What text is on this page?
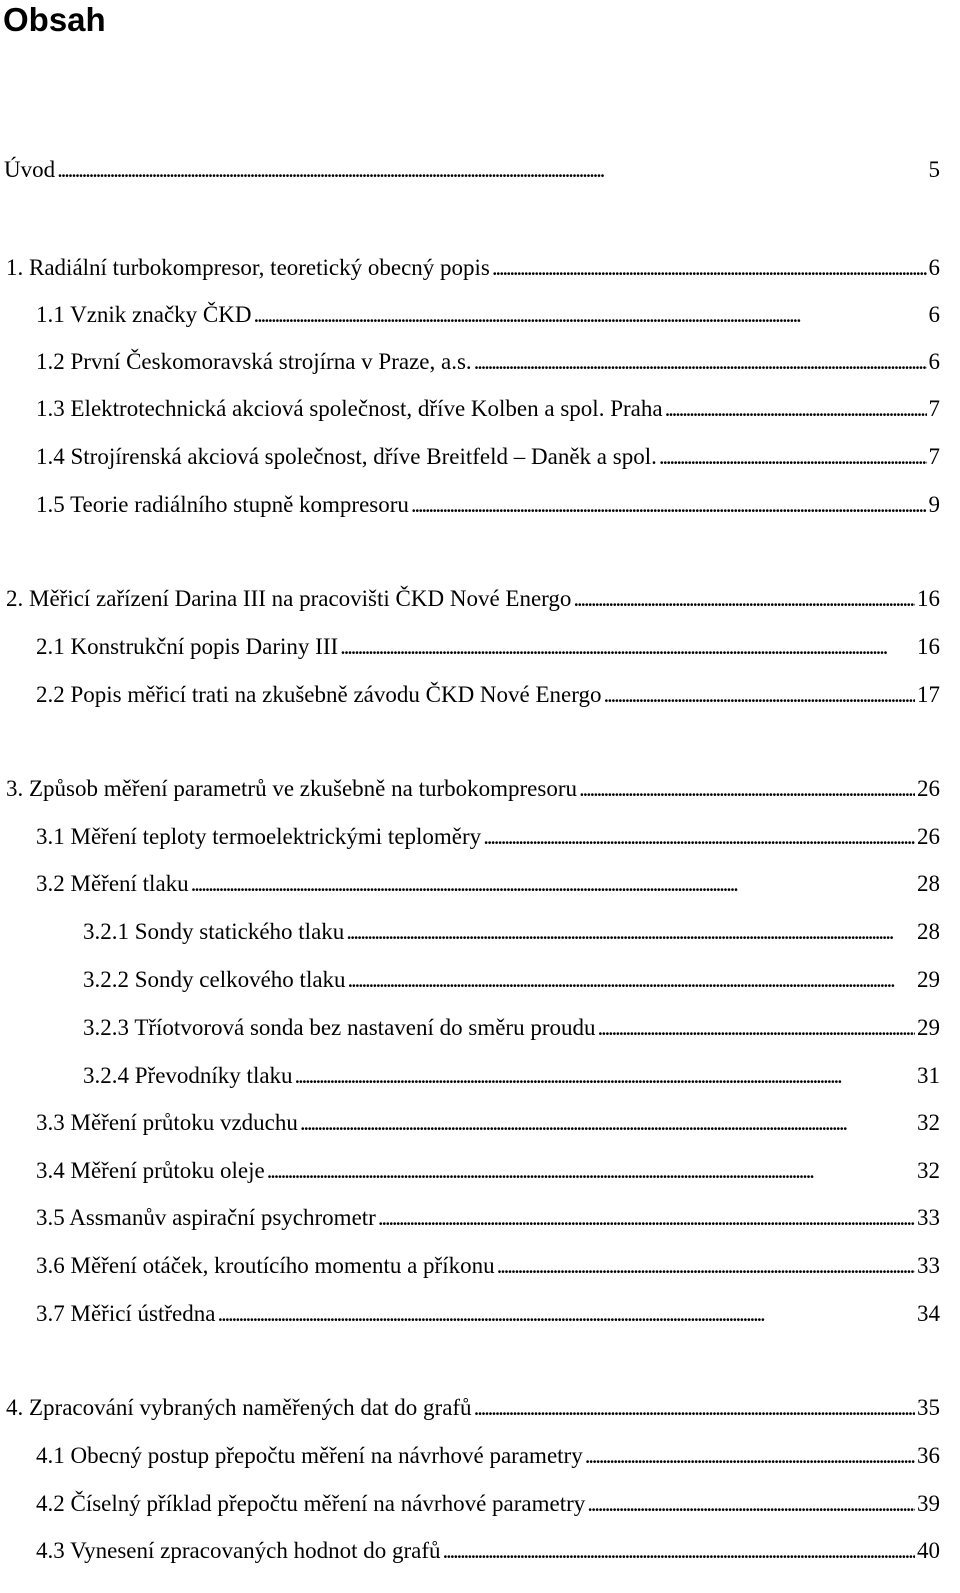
Obsah
Úvod . . .	5
1. Radiální turbokompresor, teoretický obecný popis . . .	6
1.1 Vznik značky ČKD . . .	6
1.2 První Českomoravská strojírna v Praze, a.s. . . .	6
1.3 Elektrotechnická akciová společnost, dříve Kolben a spol. Praha . . .	7
1.4 Strojírenská akciová společnost, dříve Breitfeld – Daněk a spol. . . .	7
1.5 Teorie radiálního stupně kompresoru . . .	9
2. Měřicí zařízení Darina III na pracovišti ČKD Nové Energo . . .	16
2.1 Konstrukční popis Dariny III . . .	16
2.2 Popis měřicí trati na zkušebně závodu ČKD Nové Energo . . .	17
3. Způsob měření parametrů ve zkušebně na turbokompresoru . . .	26
3.1 Měření teploty termoelektrickými teploměry . . .	26
3.2 Měření tlaku . . .	28
3.2.1 Sondy statického tlaku . . .	28
3.2.2 Sondy celkového tlaku . . .	29
3.2.3 Tříotvorová sonda bez nastavení do směru proudu . . .	29
3.2.4 Převodníky tlaku . . .	31
3.3 Měření průtoku vzduchu . . .	32
3.4 Měření průtoku oleje . . .	32
3.5 Assmanův aspirační psychrometr . . .	33
3.6 Měření otáček, kroutícího momentu a příkonu . . .	33
3.7 Měřicí ústředna . . .	34
4. Zpracování vybraných naměřených dat do grafů . . .	35
4.1 Obecný postup přepočtu měření na návrhové parametry . . .	36
4.2 Číselný příklad přepočtu měření na návrhové parametry . . .	39
4.3 Vynesení zpracovaných hodnot do grafů . . .	40
